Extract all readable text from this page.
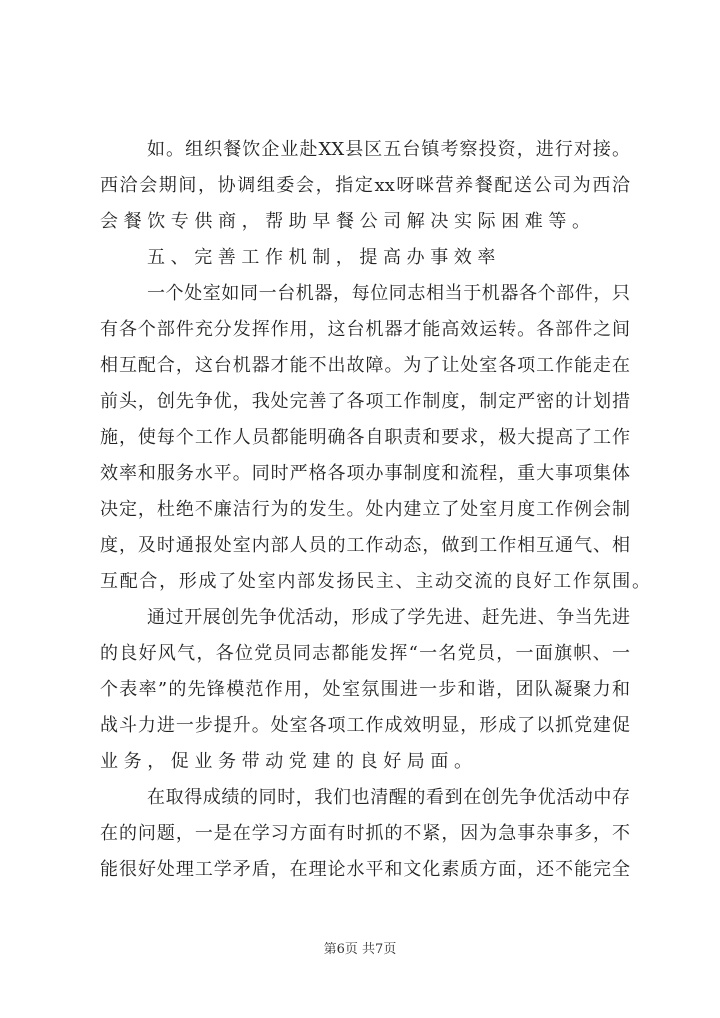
如。组织餐饮企业赴XX县区五台镇考察投资，进行对接。
西洽会期间，协调组委会，指定xx呀咪营养餐配送公司为西洽
会餐饮专供商，帮助早餐公司解决实际困难等。
五、完善工作机制，提高办事效率
一个处室如同一台机器，每位同志相当于机器各个部件，只
有各个部件充分发挥作用，这台机器才能高效运转。各部件之间
相互配合，这台机器才能不出故障。为了让处室各项工作能走在
前头，创先争优，我处完善了各项工作制度，制定严密的计划措
施，使每个工作人员都能明确各自职责和要求，极大提高了工作
效率和服务水平。同时严格各项办事制度和流程，重大事项集体
决定，杜绝不廉洁行为的发生。处内建立了处室月度工作例会制
度，及时通报处室内部人员的工作动态，做到工作相互通气、相
互配合，形成了处室内部发扬民主、主动交流的良好工作氛围。
通过开展创先争优活动，形成了学先进、赶先进、争当先进
的良好风气，各位党员同志都能发挥“一名党员，一面旗帜、一
个表率”的先锋模范作用，处室氛围进一步和谐，团队凝聚力和
战斗力进一步提升。处室各项工作成效明显，形成了以抓党建促
业务，促业务带动党建的良好局面。
在取得成绩的同时，我们也清醒的看到在创先争优活动中存
在的问题，一是在学习方面有时抓的不紧，因为急事杂事多，不
能很好处理工学矛盾，在理论水平和文化素质方面，还不能完全
第6页 共7页
